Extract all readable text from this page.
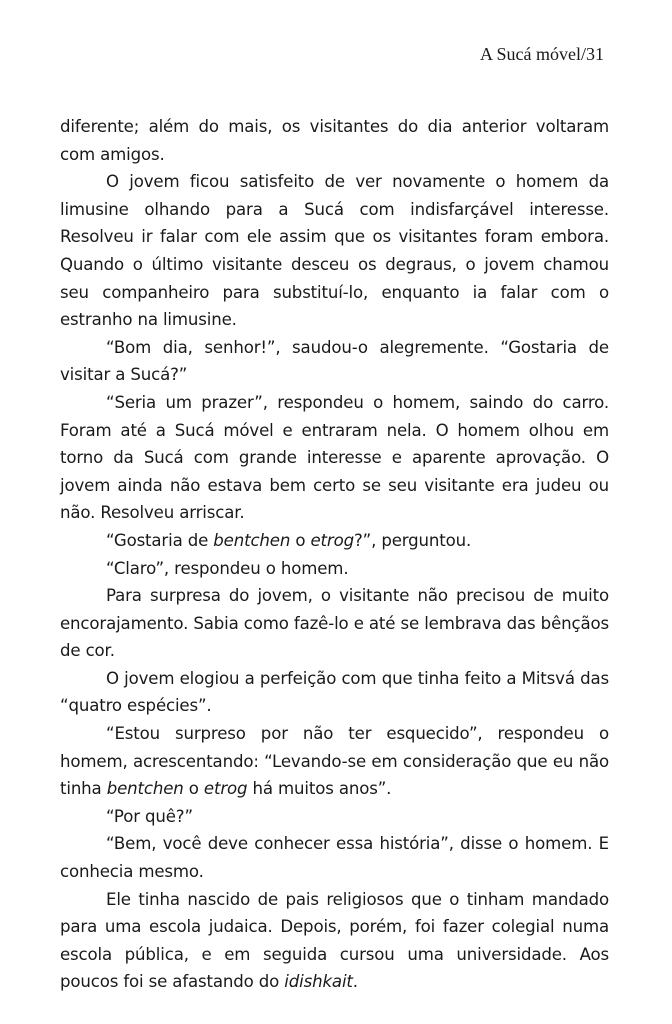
A Sucá móvel/31

diferente; além do mais, os visitantes do dia anterior voltaram com amigos.

O jovem ficou satisfeito de ver novamente o homem da limusine olhando para a Sucá com indisfarçável interesse. Resolveu ir falar com ele assim que os visitantes foram embora. Quando o último visitante desceu os degraus, o jovem chamou seu companheiro para substituí-lo, enquanto ia falar com o estranho na limusine.

“Bom dia, senhor!”, saudou-o alegremente. “Gostaria de visitar a Sucá?”

“Seria um prazer”, respondeu o homem, saindo do carro. Foram até a Sucá móvel e entraram nela. O homem olhou em torno da Sucá com grande interesse e aparente aprovação. O jovem ainda não estava bem certo se seu visitante era judeu ou não. Resolveu arriscar.

“Gostaria de bentchen o etrog?”, perguntou.

“Claro”, respondeu o homem.

Para surpresa do jovem, o visitante não precisou de muito encorajamento. Sabia como fazê-lo e até se lembrava das bênçãos de cor.

O jovem elogiou a perfeição com que tinha feito a Mitsvá das “quatro espécies”.

“Estou surpreso por não ter esquecido”, respondeu o homem, acrescentando: “Levando-se em consideração que eu não tinha bentchen o etrog há muitos anos”.

“Por quê?”

“Bem, você deve conhecer essa história”, disse o homem. E conhecia mesmo.

Ele tinha nascido de pais religiosos que o tinham mandado para uma escola judaica. Depois, porém, foi fazer colegial numa escola pública, e em seguida cursou uma universidade. Aos poucos foi se afastando do idishkait.
